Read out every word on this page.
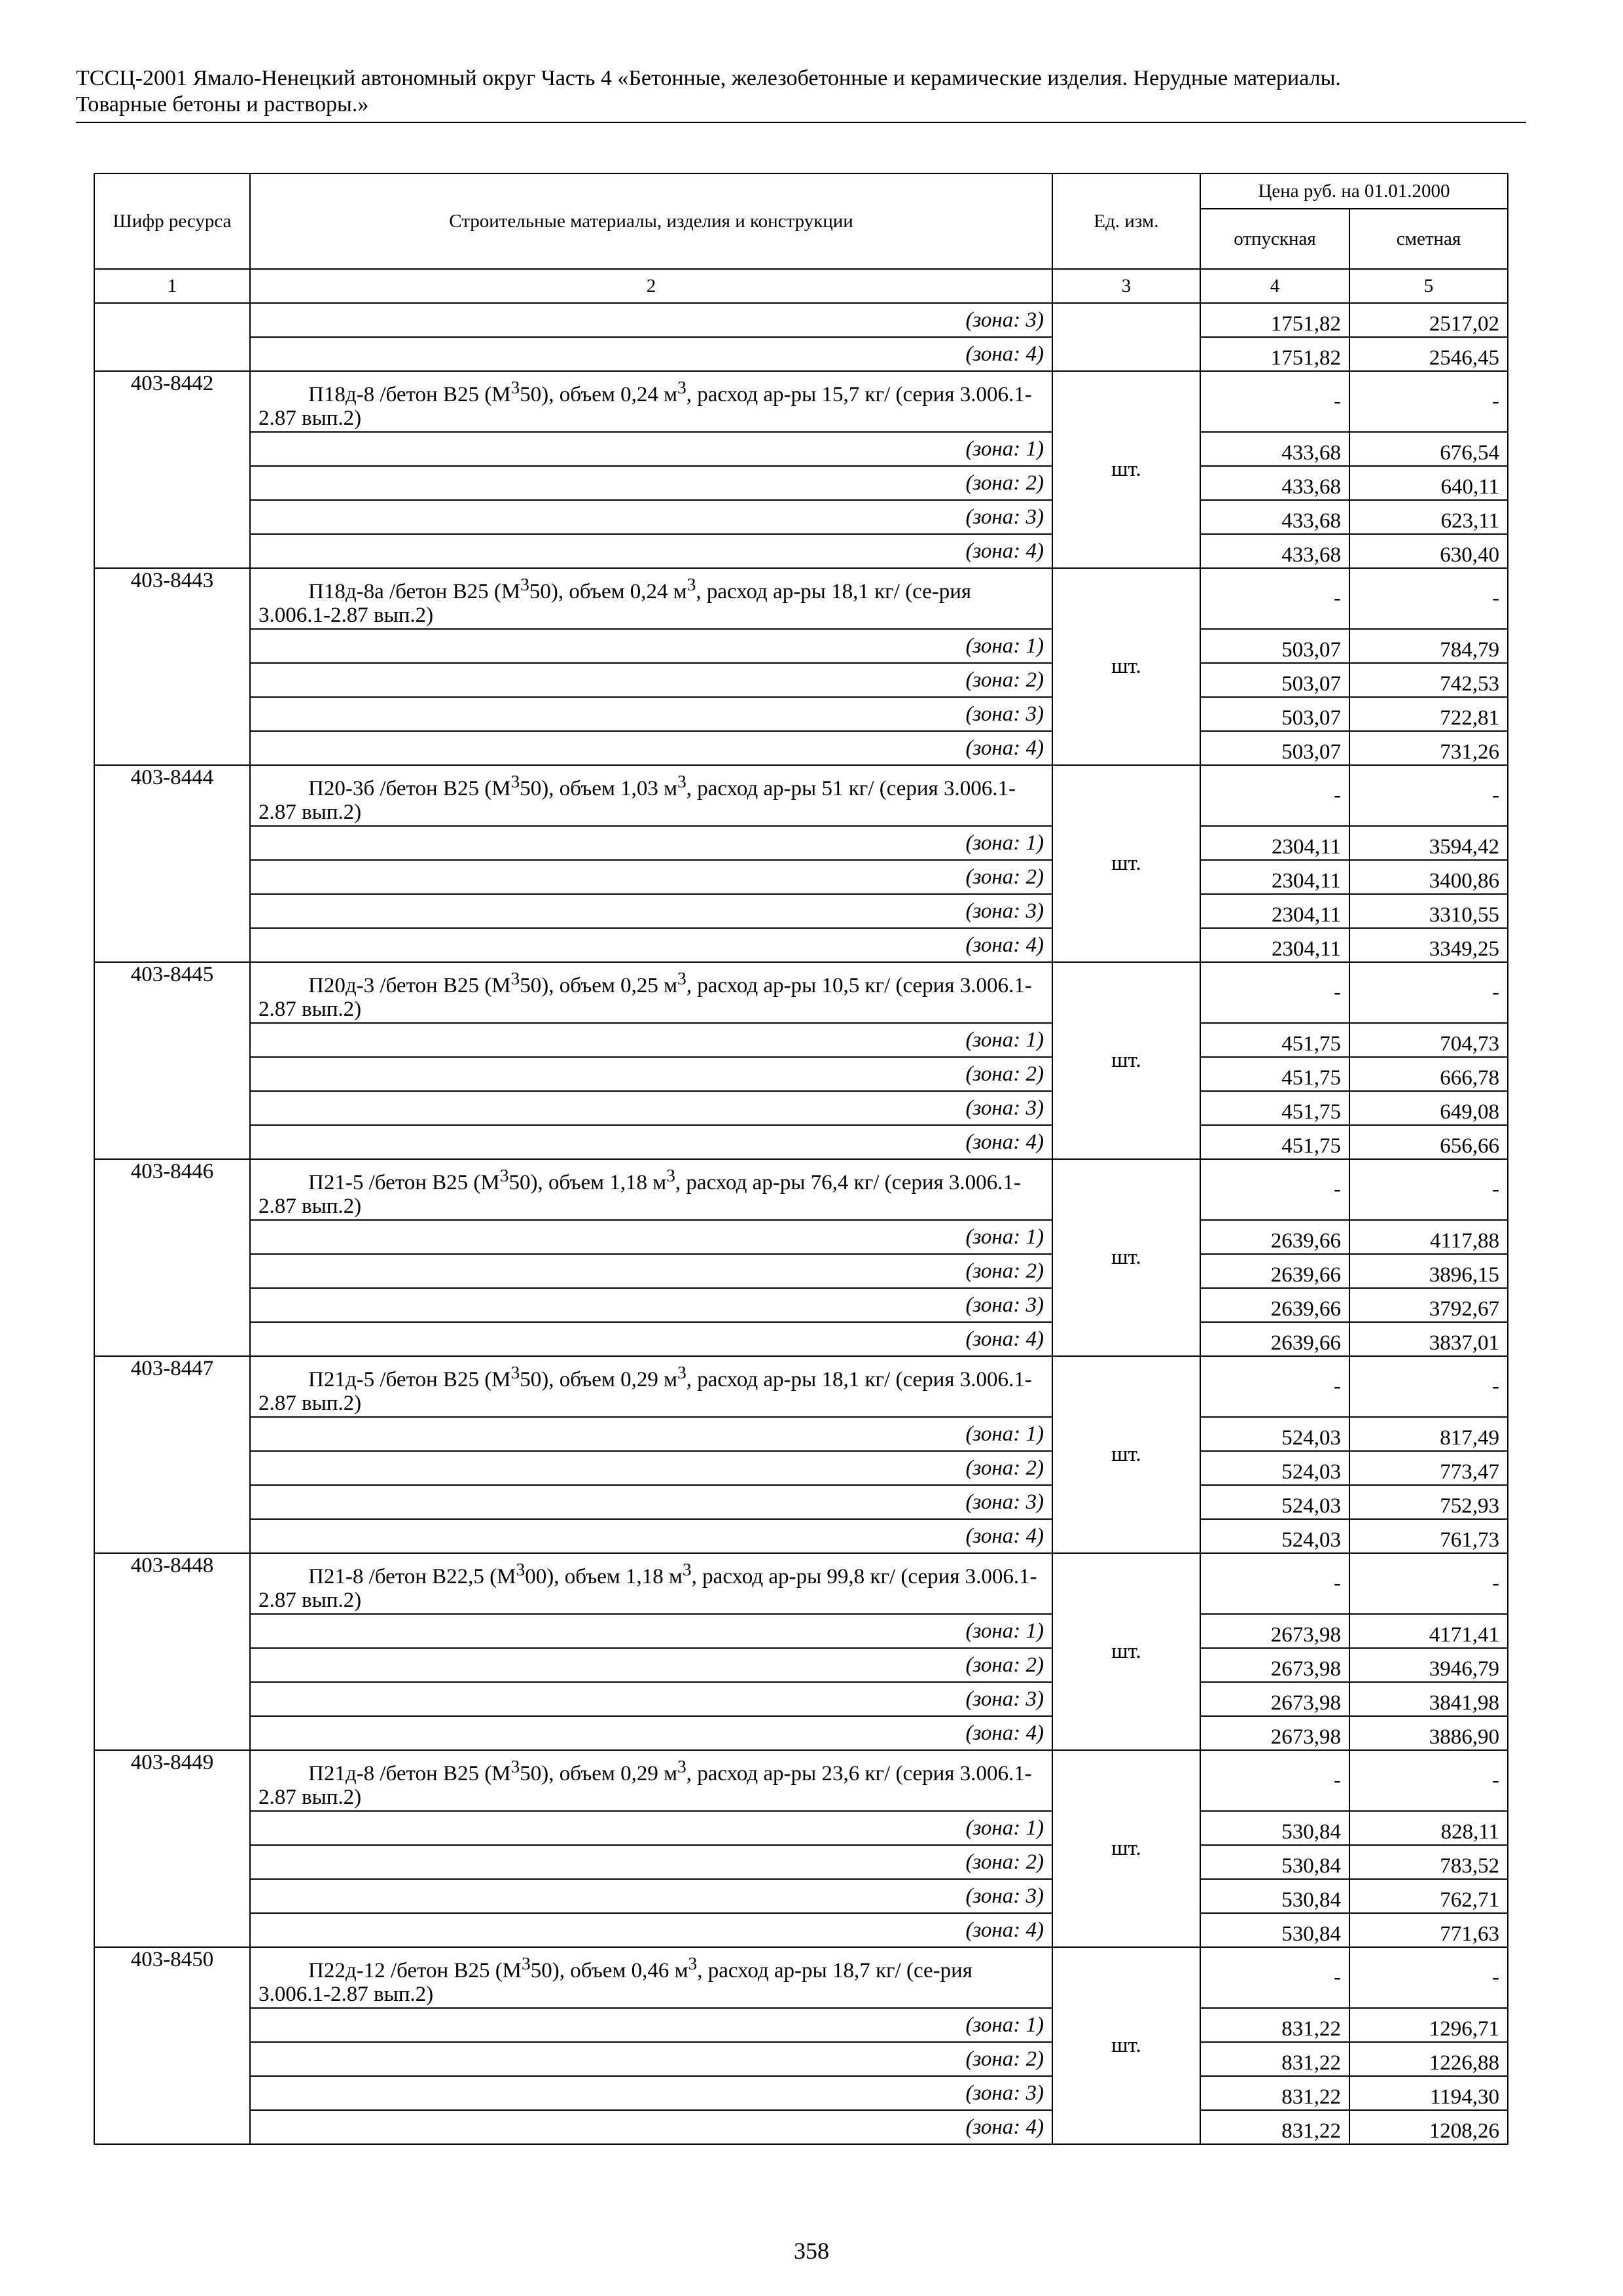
ТССЦ-2001 Ямало-Ненецкий автономный округ Часть 4 «Бетонные, железобетонные и керамические изделия. Нерудные материалы.
Товарные бетоны и растворы.»
Шифр ресурса	Строительные материалы, изделия и конструкции	Ед. изм.	Цена руб. на 01.01.2000	
			отпускная	сметная
1	2	3	4	5
	(зона: 3)		1751,82	2517,02
	(зона: 4)		1751,82	2546,45
403-8442	П18д-8 /бетон B25 $(М^350)$, объем 0,24 $м^3$, расход ар-ры 15,7 кг/ (серия 3.006.1-2.87 вып.2)	шт.	-	-
	(зона: 1)		433,68	676,54
	(зона: 2)		433,68	640,11
	(зона: 3)		433,68	623,11
	(зона: 4)		433,68	630,40
403-8443	П18д-8а /бетон B25 $(М^350)$, объем 0,24 $м^3$, расход ар-ры 18,1 кг/ (се-рия 3.006.1-2.87 вып.2)	шт.	-	-
	(зона: 1)		503,07	784,79
	(зона: 2)		503,07	742,53
	(зона: 3)		503,07	722,81
	(зона: 4)		503,07	731,26
403-8444	П20-3б /бетон B25 $(М^350)$, объем 1,03 $м^3$, расход ар-ры 51 кг/ (серия 3.006.1-2.87 вып.2)	шт.	-	-
	(зона: 1)		2304,11	3594,42
	(зона: 2)		2304,11	3400,86
	(зона: 3)		2304,11	3310,55
	(зона: 4)		2304,11	3349,25
403-8445	П20д-3 /бетон B25 $(М^350)$, объем 0,25 $м^3$, расход ар-ры 10,5 кг/ (серия 3.006.1-2.87 вып.2)	шт.	-	-
	(зона: 1)		451,75	704,73
	(зона: 2)		451,75	666,78
	(зона: 3)		451,75	649,08
	(зона: 4)		451,75	656,66
403-8446	П21-5 /бетон B25 $(М^350)$, объем 1,18 $м^3$, расход ар-ры 76,4 кг/ (серия 3.006.1-2.87 вып.2)	шт.	-	-
	(зона: 1)		2639,66	4117,88
	(зона: 2)		2639,66	3896,15
	(зона: 3)		2639,66	3792,67
	(зона: 4)		2639,66	3837,01
403-8447	П21д-5 /бетон B25 $(М^350)$, объем 0,29 $м^3$, расход ар-ры 18,1 кг/ (серия 3.006.1-2.87 вып.2)	шт.	-	-
	(зона: 1)		524,03	817,49
	(зона: 2)		524,03	773,47
	(зона: 3)		524,03	752,93
	(зона: 4)		524,03	761,73
403-8448	П21-8 /бетон B22,5 $(М^300)$, объем 1,18 $м^3$, расход ар-ры 99,8 кг/ (серия 3.006.1-2.87 вып.2)	шт.	-	-
	(зона: 1)		2673,98	4171,41
	(зона: 2)		2673,98	3946,79
	(зона: 3)		2673,98	3841,98
	(зона: 4)		2673,98	3886,90
403-8449	П21д-8 /бетон B25 $(М^350)$, объем 0,29 $м^3$, расход ар-ры 23,6 кг/ (серия 3.006.1-2.87 вып.2)	шт.	-	-
	(зона: 1)		530,84	828,11
	(зона: 2)		530,84	783,52
	(зона: 3)		530,84	762,71
	(зона: 4)		530,84	771,63
403-8450	П22д-12 /бетон B25 $(М^350)$, объем 0,46 $м^3$, расход ар-ры 18,7 кг/ (се-рия 3.006.1-2.87 вып.2)	шт.	-	-
	(зона: 1)		831,22	1296,71
	(зона: 2)		831,22	1226,88
	(зона: 3)		831,22	1194,30
	(зона: 4)		831,22	1208,26
358
